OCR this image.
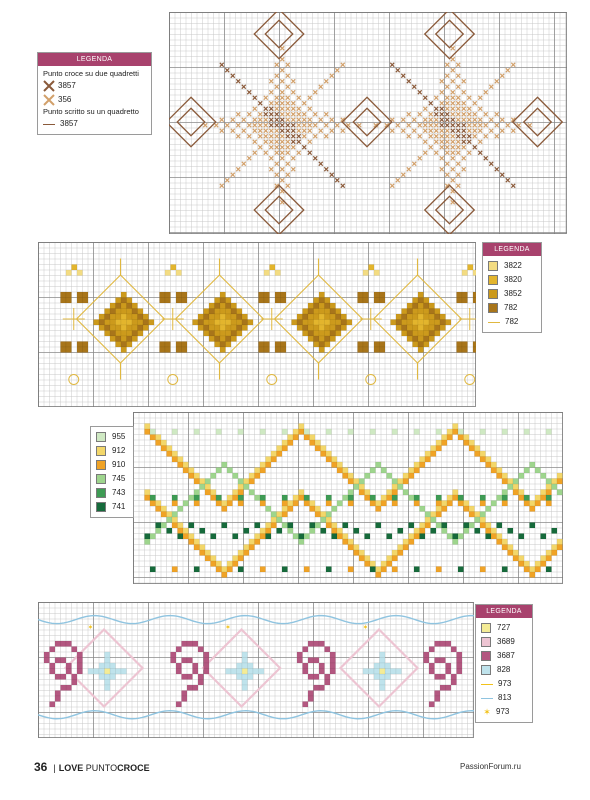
✶	✶	✶
LEGENDA
Punto croce su due quadretti
3857
356
Punto scritto su un quadretto
3857
LEGENDA
3822
3820
3852
782
782
955
912
910
745
743
741
LEGENDA
727
3689
3687
828
973
813
✶ 973
36 | LOVE
PUNTO CROCE	PassionForum.ru
